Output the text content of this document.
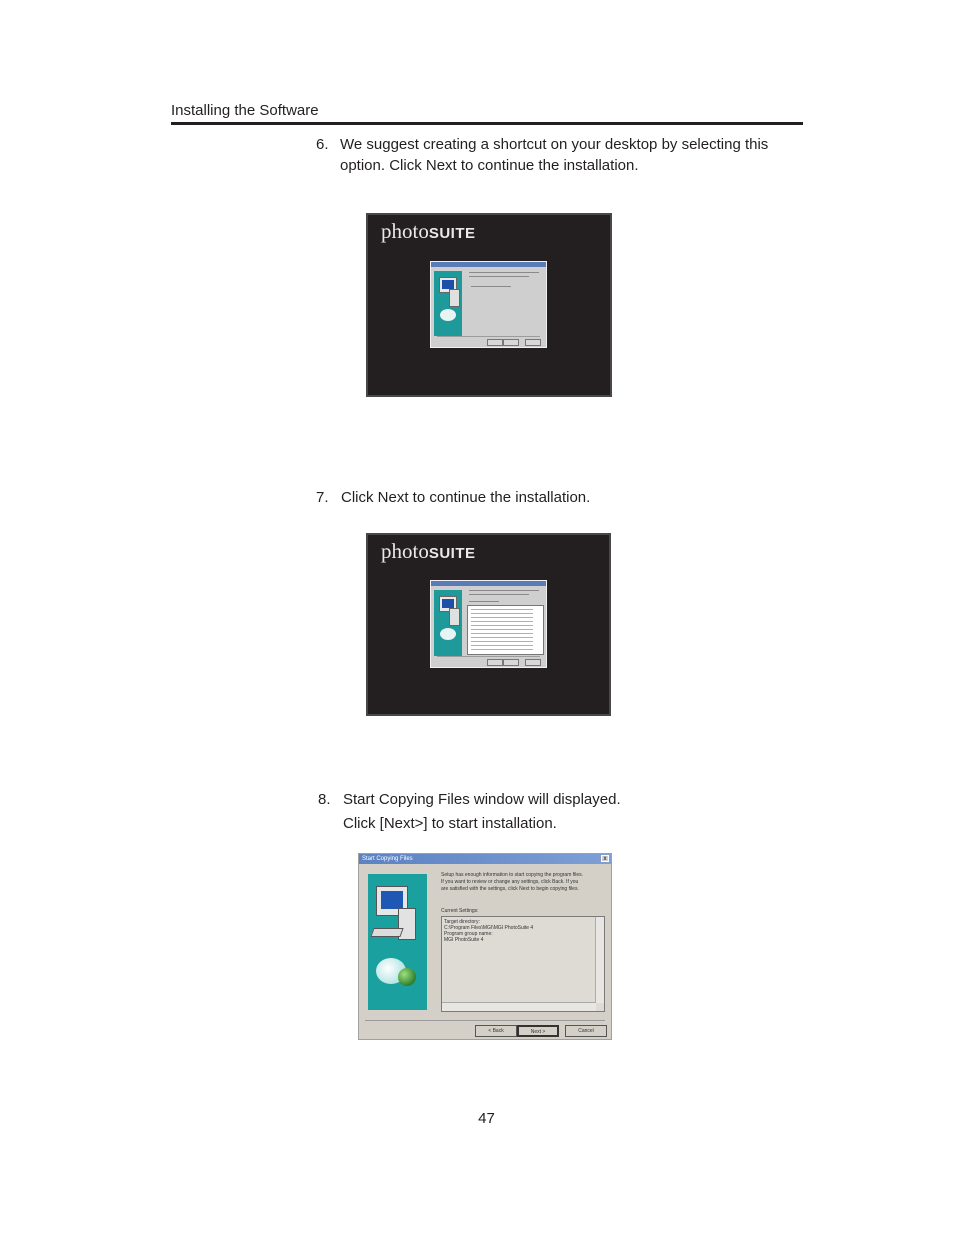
Installing the Software
6. We suggest creating a shortcut on your desktop by selecting this
option. Click Next to continue the installation.
photoSUITE
7. Click Next to continue the installation.
photoSUITE
8. Start Copying Files window will displayed.
Click [Next>] to start installation.
Start Copying Files	x
Setup has enough information to start copying the program files.
If you want to review or change any settings, click Back. If you
are satisfied with the settings, click Next to begin copying files.
Current Settings:
Target directory:
C:\Program Files\MGI\MGI PhotoSuite 4
Program group name:
MGI PhotoSuite 4
< Back	Next >	Cancel
47
